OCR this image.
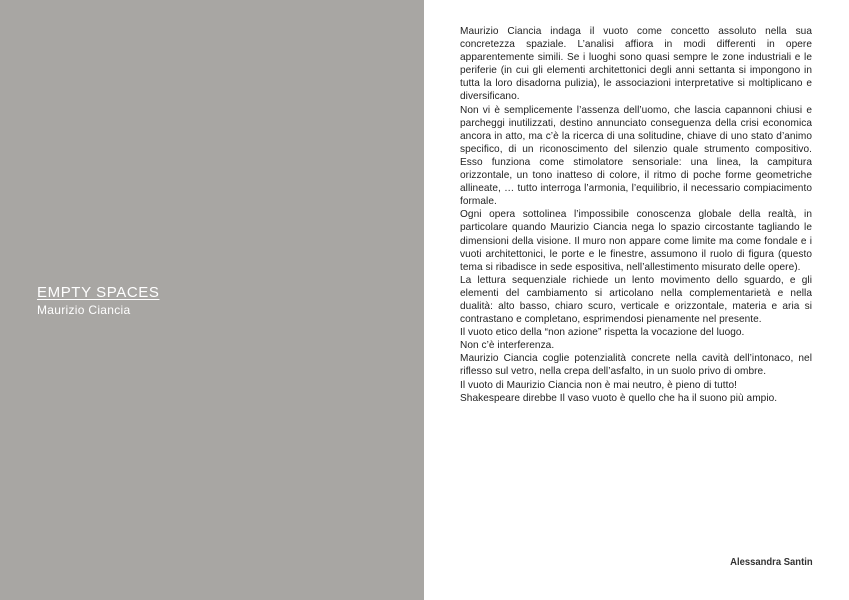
EMPTY SPACES
Maurizio Ciancia

Maurizio Ciancia indaga il vuoto come concetto assoluto nella sua concretezza spaziale. L’analisi affiora in modi differenti in opere apparentemente simili. Se i luoghi sono quasi sempre le zone industriali e le periferie (in cui gli elementi architettonici degli anni settanta si impongono in tutta la loro disadorna pulizia), le associazioni interpretative si moltiplicano e diversificano.

Non vi è semplicemente l’assenza dell’uomo, che lascia capannoni chiusi e parcheggi inutilizzati, destino annunciato conseguenza della crisi economica ancora in atto, ma c’è la ricerca di una solitudine, chiave di uno stato d’animo specifico, di un riconoscimento del silenzio quale strumento compositivo. Esso funziona come stimolatore sensoriale: una linea, la campitura orizzontale, un tono inatteso di colore, il ritmo di poche forme geometriche allineate, … tutto interroga l’armonia, l’equilibrio, il necessario compiacimento formale.

Ogni opera sottolinea l’impossibile conoscenza globale della realtà, in particolare quando Maurizio Ciancia nega lo spazio circostante tagliando le dimensioni della visione. Il muro non appare come limite ma come fondale e i vuoti architettonici, le porte e le finestre, assumono il ruolo di figura (questo tema si ribadisce in sede espositiva, nell’allestimento misurato delle opere).

La lettura sequenziale richiede un lento movimento dello sguardo, e gli elementi del cambiamento si articolano nella complementarietà e nella dualità: alto basso, chiaro scuro, verticale e orizzontale, materia e aria si contrastano e completano, esprimendosi pienamente nel presente.

Il vuoto etico della “non azione” rispetta la vocazione del luogo.

Non c’è interferenza.

Maurizio Ciancia coglie potenzialità concrete nella cavità dell’intonaco, nel riflesso sul vetro, nella crepa dell’asfalto, in un suolo privo di ombre.

Il vuoto di Maurizio Ciancia non è mai neutro, è pieno di tutto!

Shakespeare direbbe Il vaso vuoto è quello che ha il suono più ampio.

Alessandra Santin
